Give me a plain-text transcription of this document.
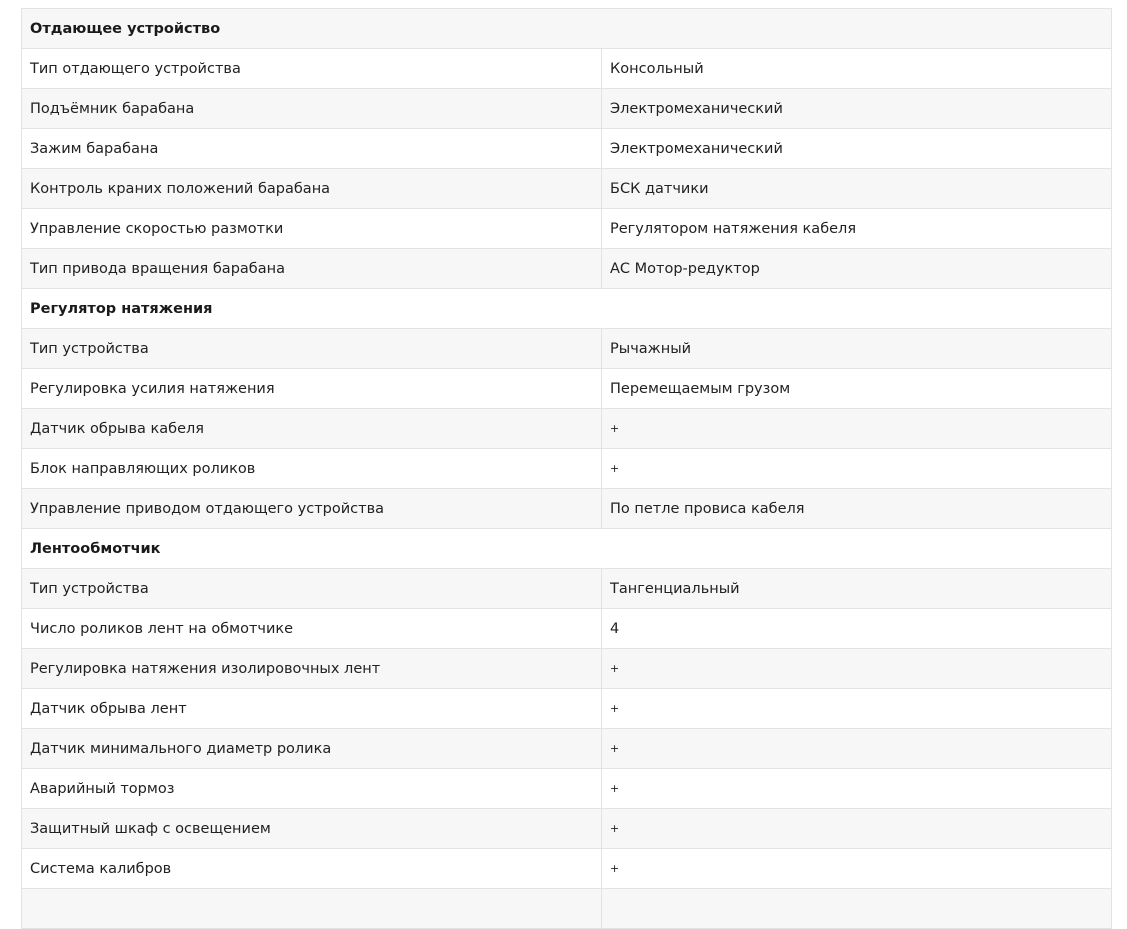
Отдающее устройство	
Тип отдающего устройства	Консольный
Подъёмник барабана	Электромеханический
Зажим барабана	Электромеханический
Контроль краних положений барабана	БСК датчики
Управление скоростью размотки	Регулятором натяжения кабеля
Тип привода вращения барабана	АС Мотор-редуктор
Регулятор натяжения	
Тип устройства	Рычажный
Регулировка усилия натяжения	Перемещаемым грузом
Датчик обрыва кабеля	+
Блок направляющих роликов	+
Управление приводом отдающего устройства	По петле провиса кабеля
Лентообмотчик	
Тип устройства	Тангенциальный
Число роликов лент на обмотчике	4
Регулировка натяжения изолировочных лент	+
Датчик обрыва лент	+
Датчик минимального диаметр ролика	+
Аварийный тормоз	+
Защитный шкаф с освещением	+
Система калибров	+
